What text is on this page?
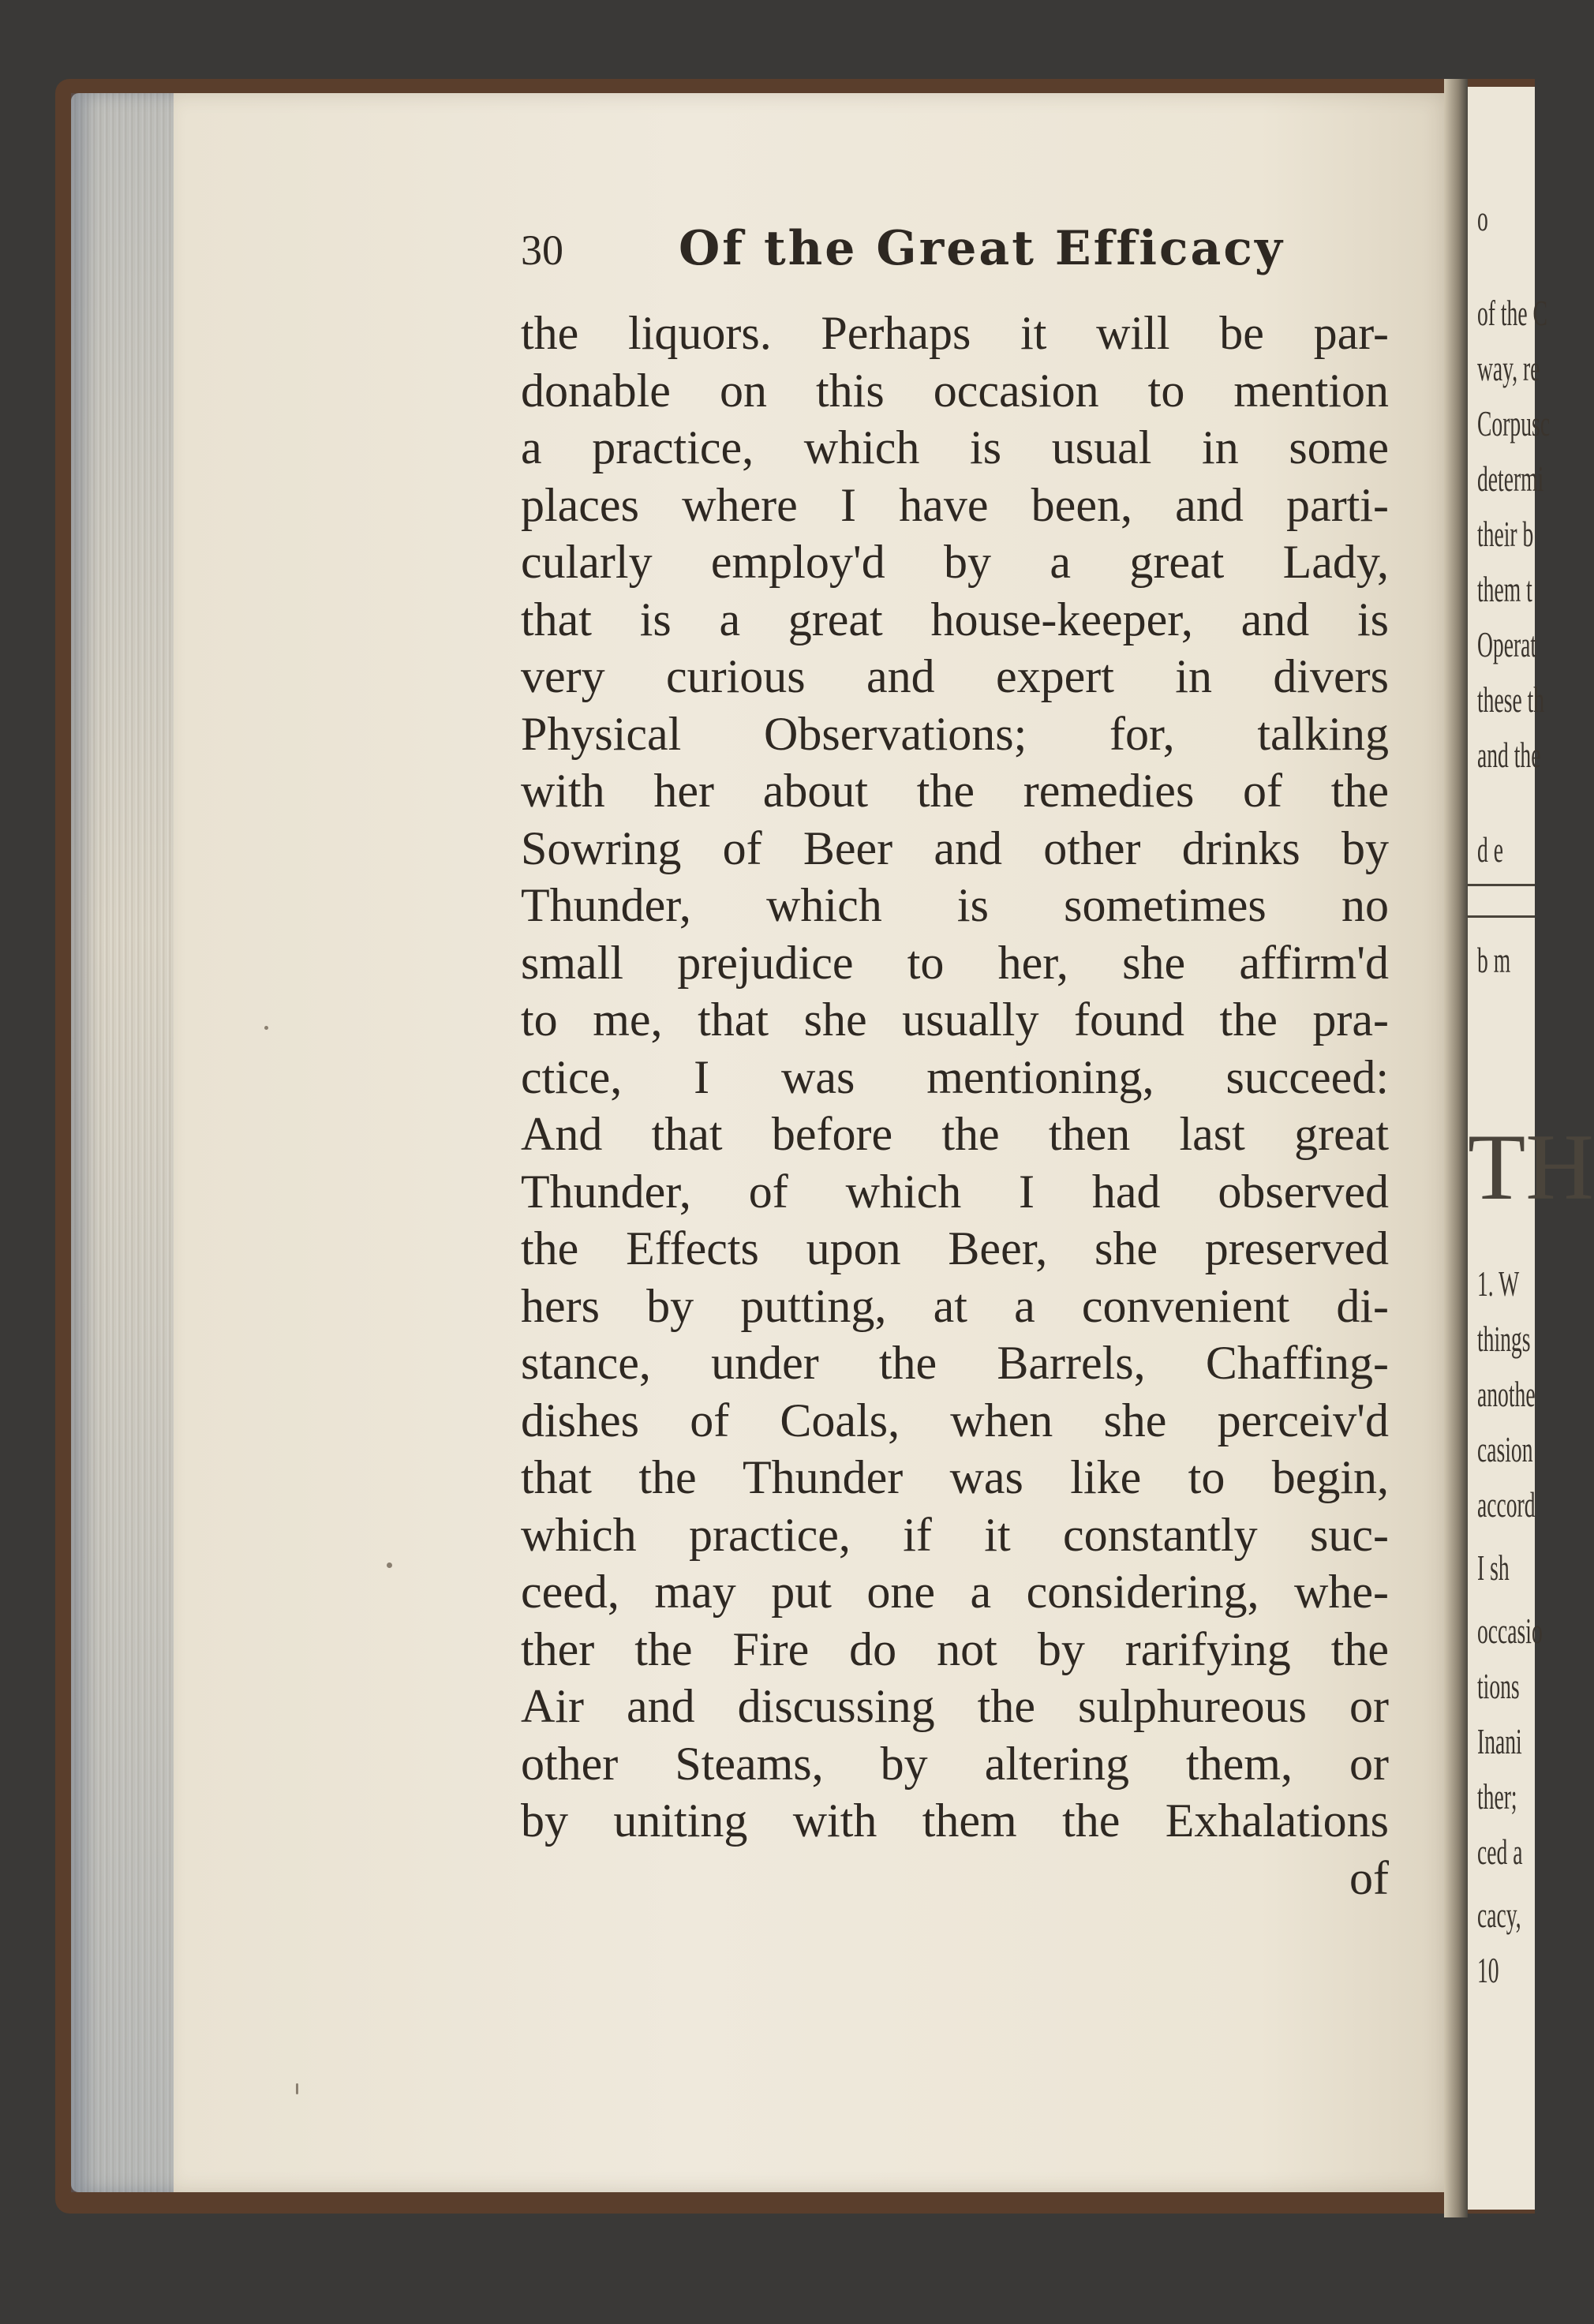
o
of the C
way, re
Corpusc
determi
their b
them t
Operat
these th
and the
d e
b m
TH
1. W
things
anothe
casion
accord
I sh
occasio
tions
Inani
ther;
ced a
cacy,
10
30	Of the Great Efficacy
the liquors. Perhaps it will be par-
donable on this occasion to mention
a practice, which is usual in some
places where I have been, and parti-
cularly employ'd by a great Lady,
that is a great house-keeper, and is
very curious and expert in divers
Physical Observations; for, talking
with her about the remedies of the
Sowring of Beer and other drinks by
Thunder, which is sometimes no
small prejudice to her, she affirm'd
to me, that she usually found the pra-
ctice, I was mentioning, succeed:
And that before the then last great
Thunder, of which I had observed
the Effects upon Beer, she preserved
hers by putting, at a convenient di-
stance, under the Barrels, Chaffing-
dishes of Coals, when she perceiv'd
that the Thunder was like to begin,
which practice, if it constantly suc-
ceed, may put one a considering, whe-
ther the Fire do not by rarifying the
Air and discussing the sulphureous or
other Steams, by altering them, or
by uniting with them the Exhalations
of
